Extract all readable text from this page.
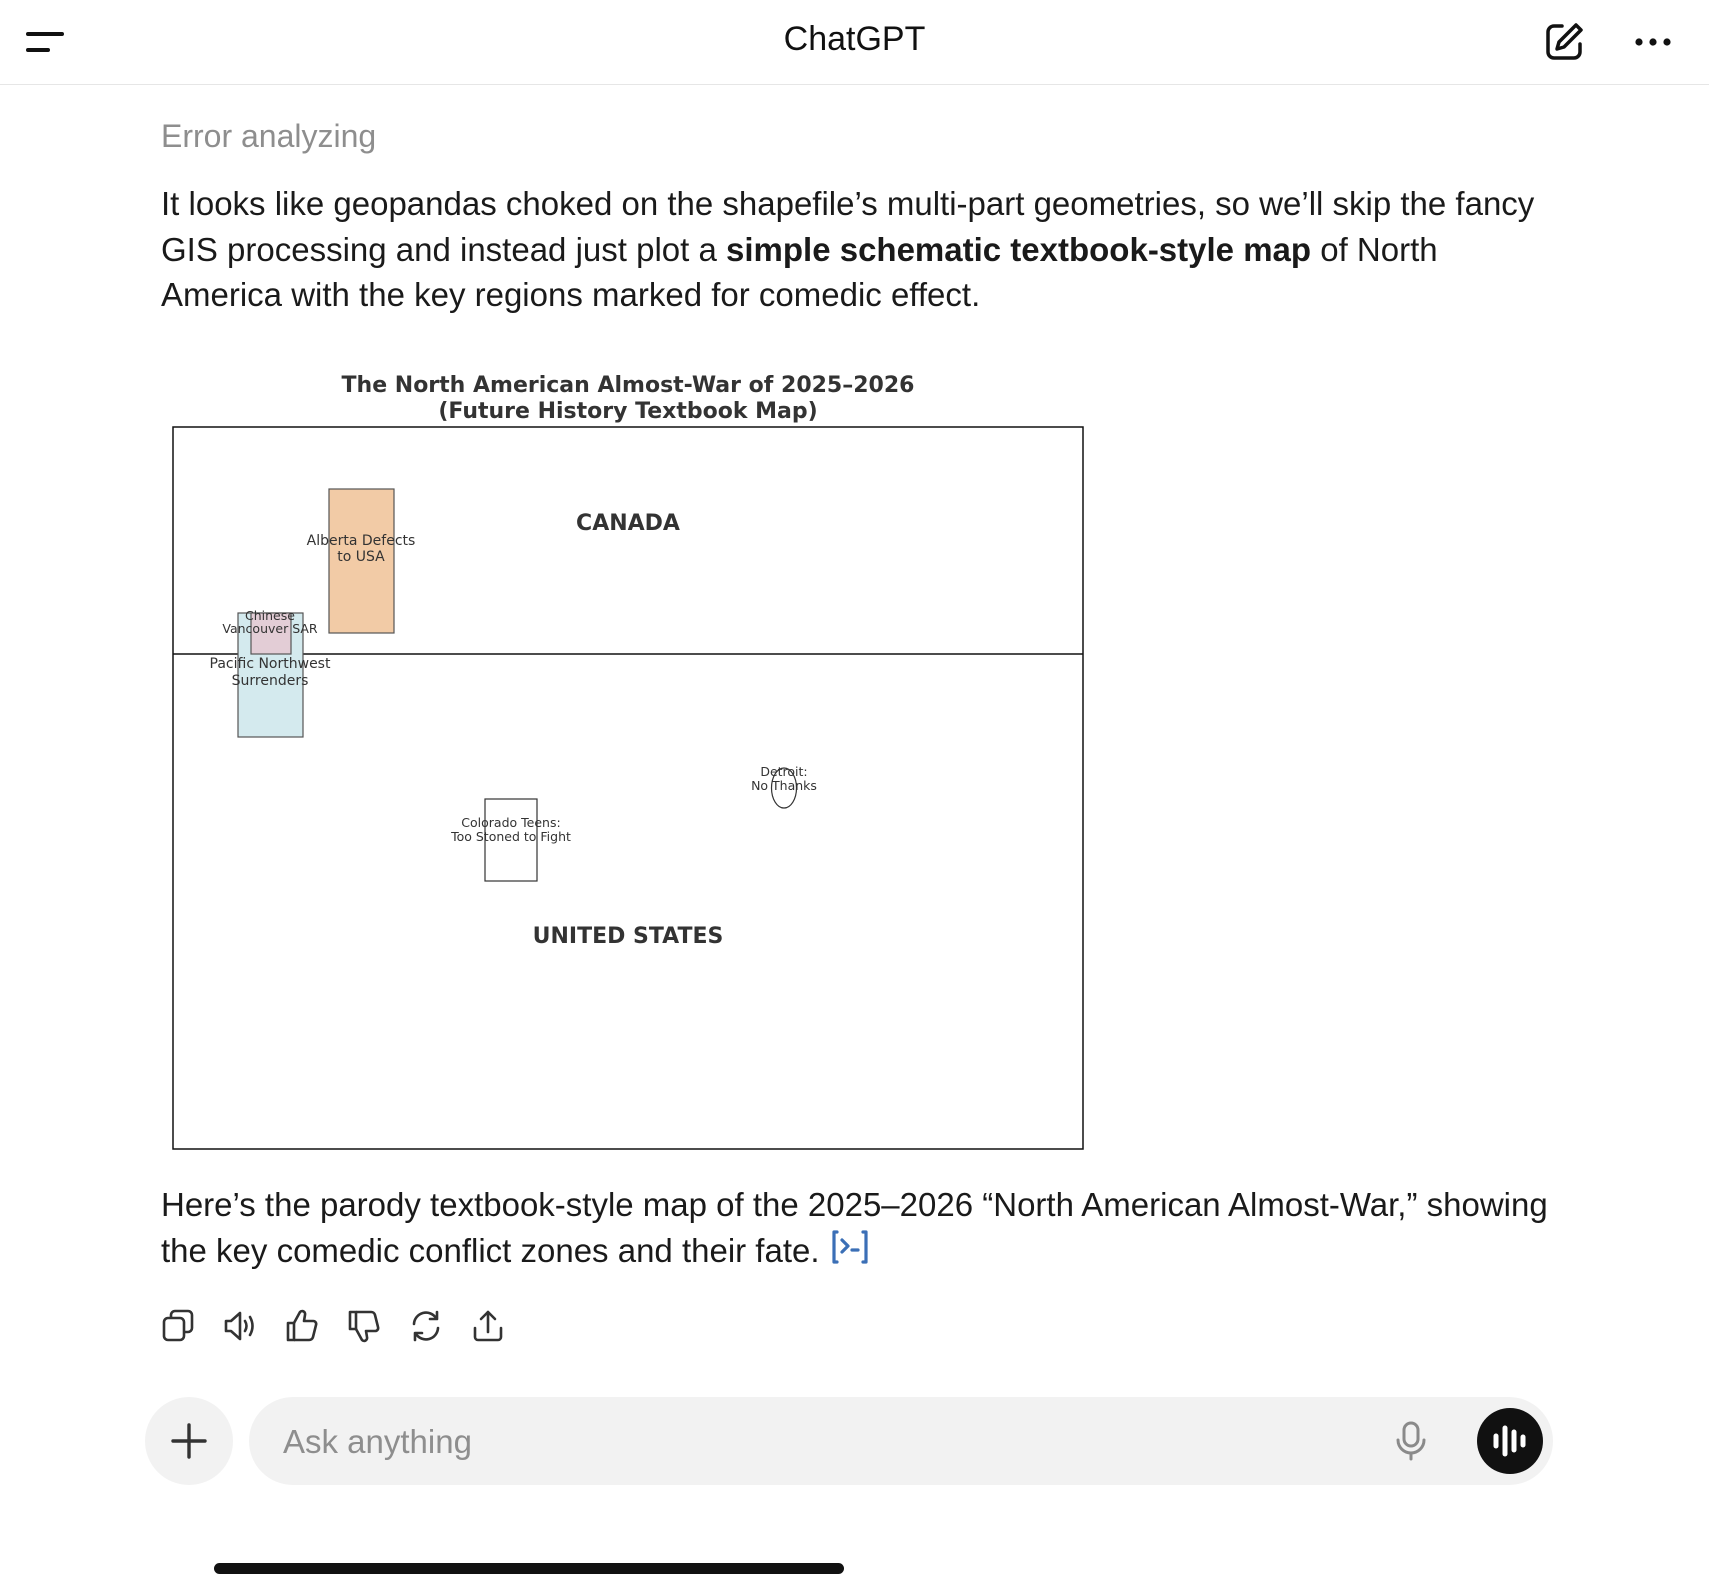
ChatGPT
Error analyzing
It looks like geopandas choked on the shapefile’s multi-part geometries, so we’ll skip the fancy GIS processing and instead just plot a simple schematic textbook-style map of North America with the key regions marked for comedic effect.
The North American Almost-War of 2025–2026
(Future History Textbook Map)
CANADA
UNITED STATES
Alberta Defects
to USA
Chinese
Vancouver SAR
Pacific Northwest
Surrenders
Colorado Teens:
Too Stoned to Fight
Detroit:
No Thanks
Here’s the parody textbook-style map of the 2025–2026 “North American Almost-War,” showing the key comedic conflict zones and their fate.
Ask anything
